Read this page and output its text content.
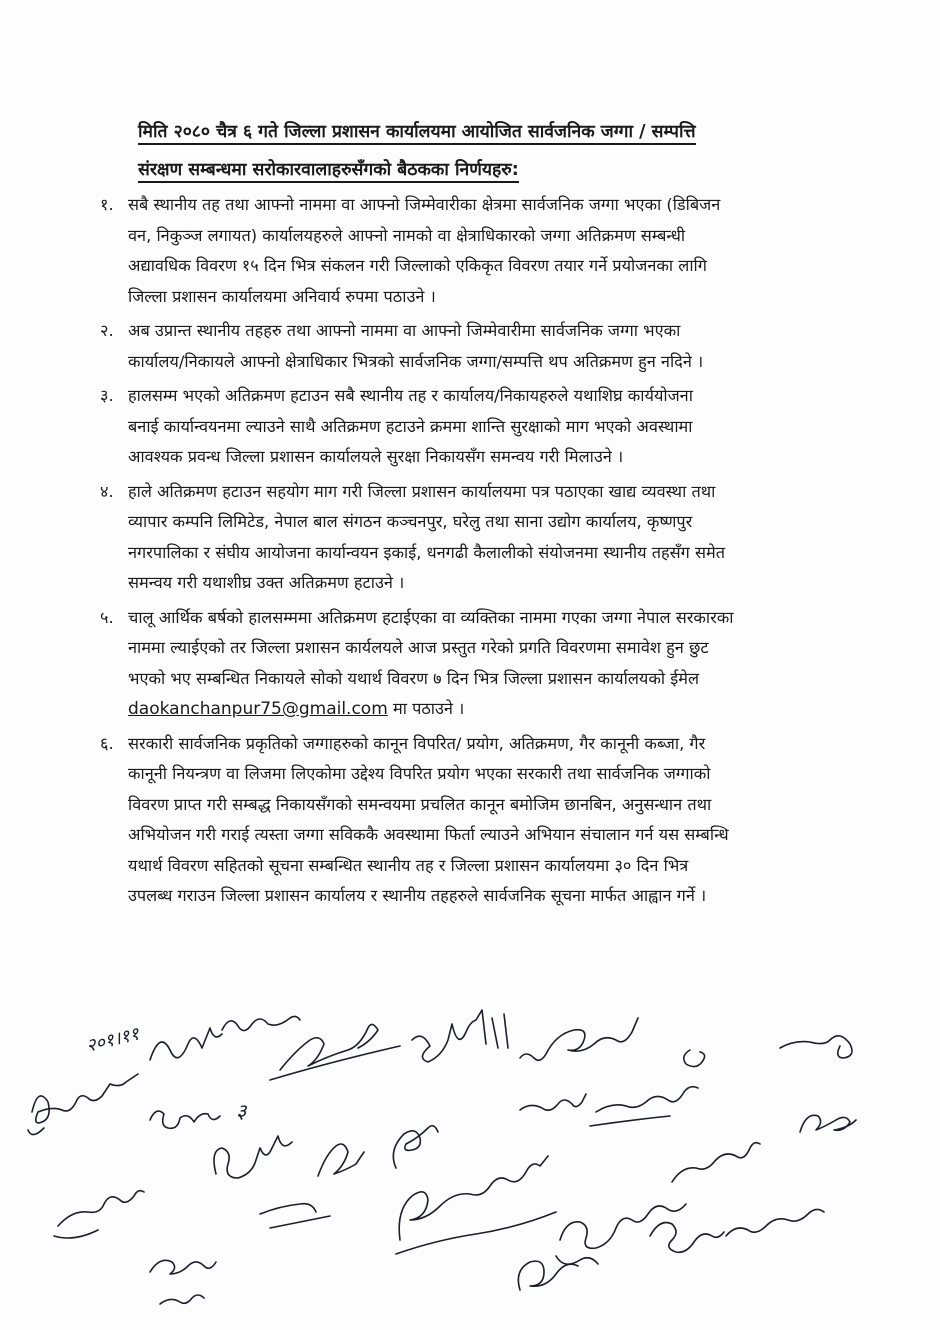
मिति २०८० चैत्र ६ गते जिल्ला प्रशासन कार्यालयमा आयोजित सार्वजनिक जग्गा / सम्पत्ति
संरक्षण सम्बन्धमा सरोकारवालाहरुसँगको बैठकका निर्णयहरु:
१. सबै स्थानीय तह तथा आफ्नो नाममा वा आफ्नो जिम्मेवारीका क्षेत्रमा सार्वजनिक जग्गा भएका (डिबिजन
वन, निकुञ्ज लगायत) कार्यालयहरुले आफ्नो नामको वा क्षेत्राधिकारको जग्गा अतिक्रमण सम्बन्धी
अद्यावधिक विवरण १५ दिन भित्र संकलन गरी जिल्लाको एकिकृत विवरण तयार गर्ने प्रयोजनका लागि
जिल्ला प्रशासन कार्यालयमा अनिवार्य रुपमा पठाउने ।
२. अब उप्रान्त स्थानीय तहहरु तथा आफ्नो नाममा वा आफ्नो जिम्मेवारीमा सार्वजनिक जग्गा भएका
कार्यालय/निकायले आफ्नो क्षेत्राधिकार भित्रको सार्वजनिक जग्गा/सम्पत्ति थप अतिक्रमण हुन नदिने ।
३. हालसम्म भएको अतिक्रमण हटाउन सबै स्थानीय तह र कार्यालय/निकायहरुले यथाशिघ्र कार्ययोजना
बनाई कार्यान्वयनमा ल्याउने साथै अतिक्रमण हटाउने क्रममा शान्ति सुरक्षाको माग भएको अवस्थामा
आवश्यक प्रवन्ध जिल्ला प्रशासन कार्यालयले सुरक्षा निकायसँग समन्वय गरी मिलाउने ।
४. हाले अतिक्रमण हटाउन सहयोग माग गरी जिल्ला प्रशासन कार्यालयमा पत्र पठाएका खाद्य व्यवस्था तथा
व्यापार कम्पनि लिमिटेड, नेपाल बाल संगठन कञ्चनपुर, घरेलु तथा साना उद्योग कार्यालय, कृष्णपुर
नगरपालिका र संघीय आयोजना कार्यान्वयन इकाई, धनगढी कैलालीको संयोजनमा स्थानीय तहसँग समेत
समन्वय गरी यथाशीघ्र उक्त अतिक्रमण हटाउने ।
५. चालू आर्थिक बर्षको हालसम्ममा अतिक्रमण हटाईएका वा व्यक्तिका नाममा गएका जग्गा नेपाल सरकारका
नाममा ल्याईएको तर जिल्ला प्रशासन कार्यलयले आज प्रस्तुत गरेको प्रगति विवरणमा समावेश हुन छुट
भएको भए सम्बन्धित निकायले सोको यथार्थ विवरण ७ दिन भित्र जिल्ला प्रशासन कार्यालयको ईमेल
daokanchanpur75@gmail.com मा पठाउने ।
६. सरकारी सार्वजनिक प्रकृतिको जग्गाहरुको कानून विपरित/ प्रयोग, अतिक्रमण, गैर कानूनी कब्जा, गैर
कानूनी नियन्त्रण वा लिजमा लिएकोमा उद्देश्य विपरित प्रयोग भएका सरकारी तथा सार्वजनिक जग्गाको
विवरण प्राप्त गरी सम्बद्ध निकायसँगको समन्वयमा प्रचलित कानून बमोजिम छानबिन, अनुसन्धान तथा
अभियोजन गरी गराई त्यस्ता जग्गा सविककै अवस्थामा फिर्ता ल्याउने अभियान संचालान गर्न यस सम्बन्धि
यथार्थ विवरण सहितको सूचना सम्बन्धित स्थानीय तह र जिल्ला प्रशासन कार्यालयमा ३० दिन भित्र
उपलब्ध गराउन जिल्ला प्रशासन कार्यालय र स्थानीय तहहरुले सार्वजनिक सूचना मार्फत आह्वान गर्ने ।
२०१।११
३
